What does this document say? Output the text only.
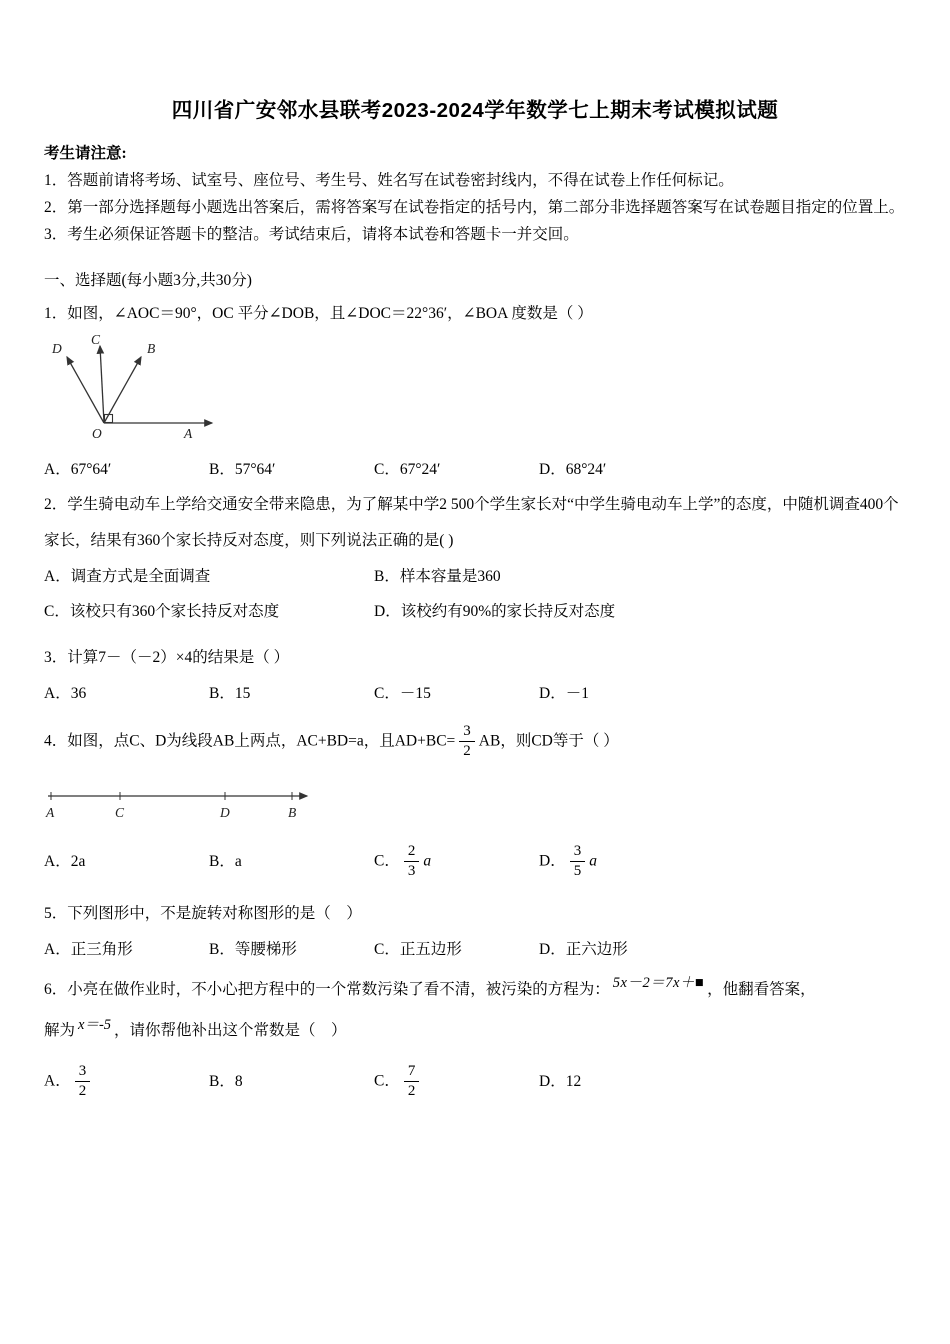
四川省广安邻水县联考2023-2024学年数学七上期末考试模拟试题

考生请注意:

1．答题前请将考场、试室号、座位号、考生号、姓名写在试卷密封线内，不得在试卷上作任何标记。

2．第一部分选择题每小题选出答案后，需将答案写在试卷指定的括号内，第二部分非选择题答案写在试卷题目指定的位置上。

3．考生必须保证答题卡的整洁。考试结束后，请将本试卷和答题卡一并交回。

一、选择题(每小题3分,共30分)

1．如图，∠AOC＝90°，OC 平分∠DOB，且∠DOC＝22°36′，∠BOA 度数是（ ）

D
C
B
O	A
A．67°64′	B．57°64′	C．67°24′	D．68°24′

2．学生骑电动车上学给交通安全带来隐患，为了解某中学2 500个学生家长对“中学生骑电动车上学”的态度，中随机调查400个家长，结果有360个家长持反对态度，则下列说法正确的是( )

A．调查方式是全面调查	B．样本容量是360
C．该校只有360个家长持反对态度	D．该校约有90%的家长持反对态度

3．计算7－（－2）×4的结果是（ ）

A．36	B．15	C．－15	D．－1

4．如图，点C、D为线段AB上两点，AC+BD=a，且$AD+BC= \frac{3}{2}$ AB，则CD等于（ ）

A	C	D	B
A．2a	B．a	C． $\frac{2}{3}$ a	D． $\frac{3}{5}$ a

5．下列图形中，不是旋转对称图形的是（　）

A．正三角形	B．等腰梯形	C．正五边形	D．正六边形

6．小亮在做作业时，不小心把方程中的一个常数污染了看不清，被污染的方程为： 5x－2＝7x＋■ ，他翻看答案，

解为 x＝-5 ，请你帮他补出这个常数是（　）

A． $\frac{3}{2}$	B．8	C． $\frac{7}{2}$	D．12
